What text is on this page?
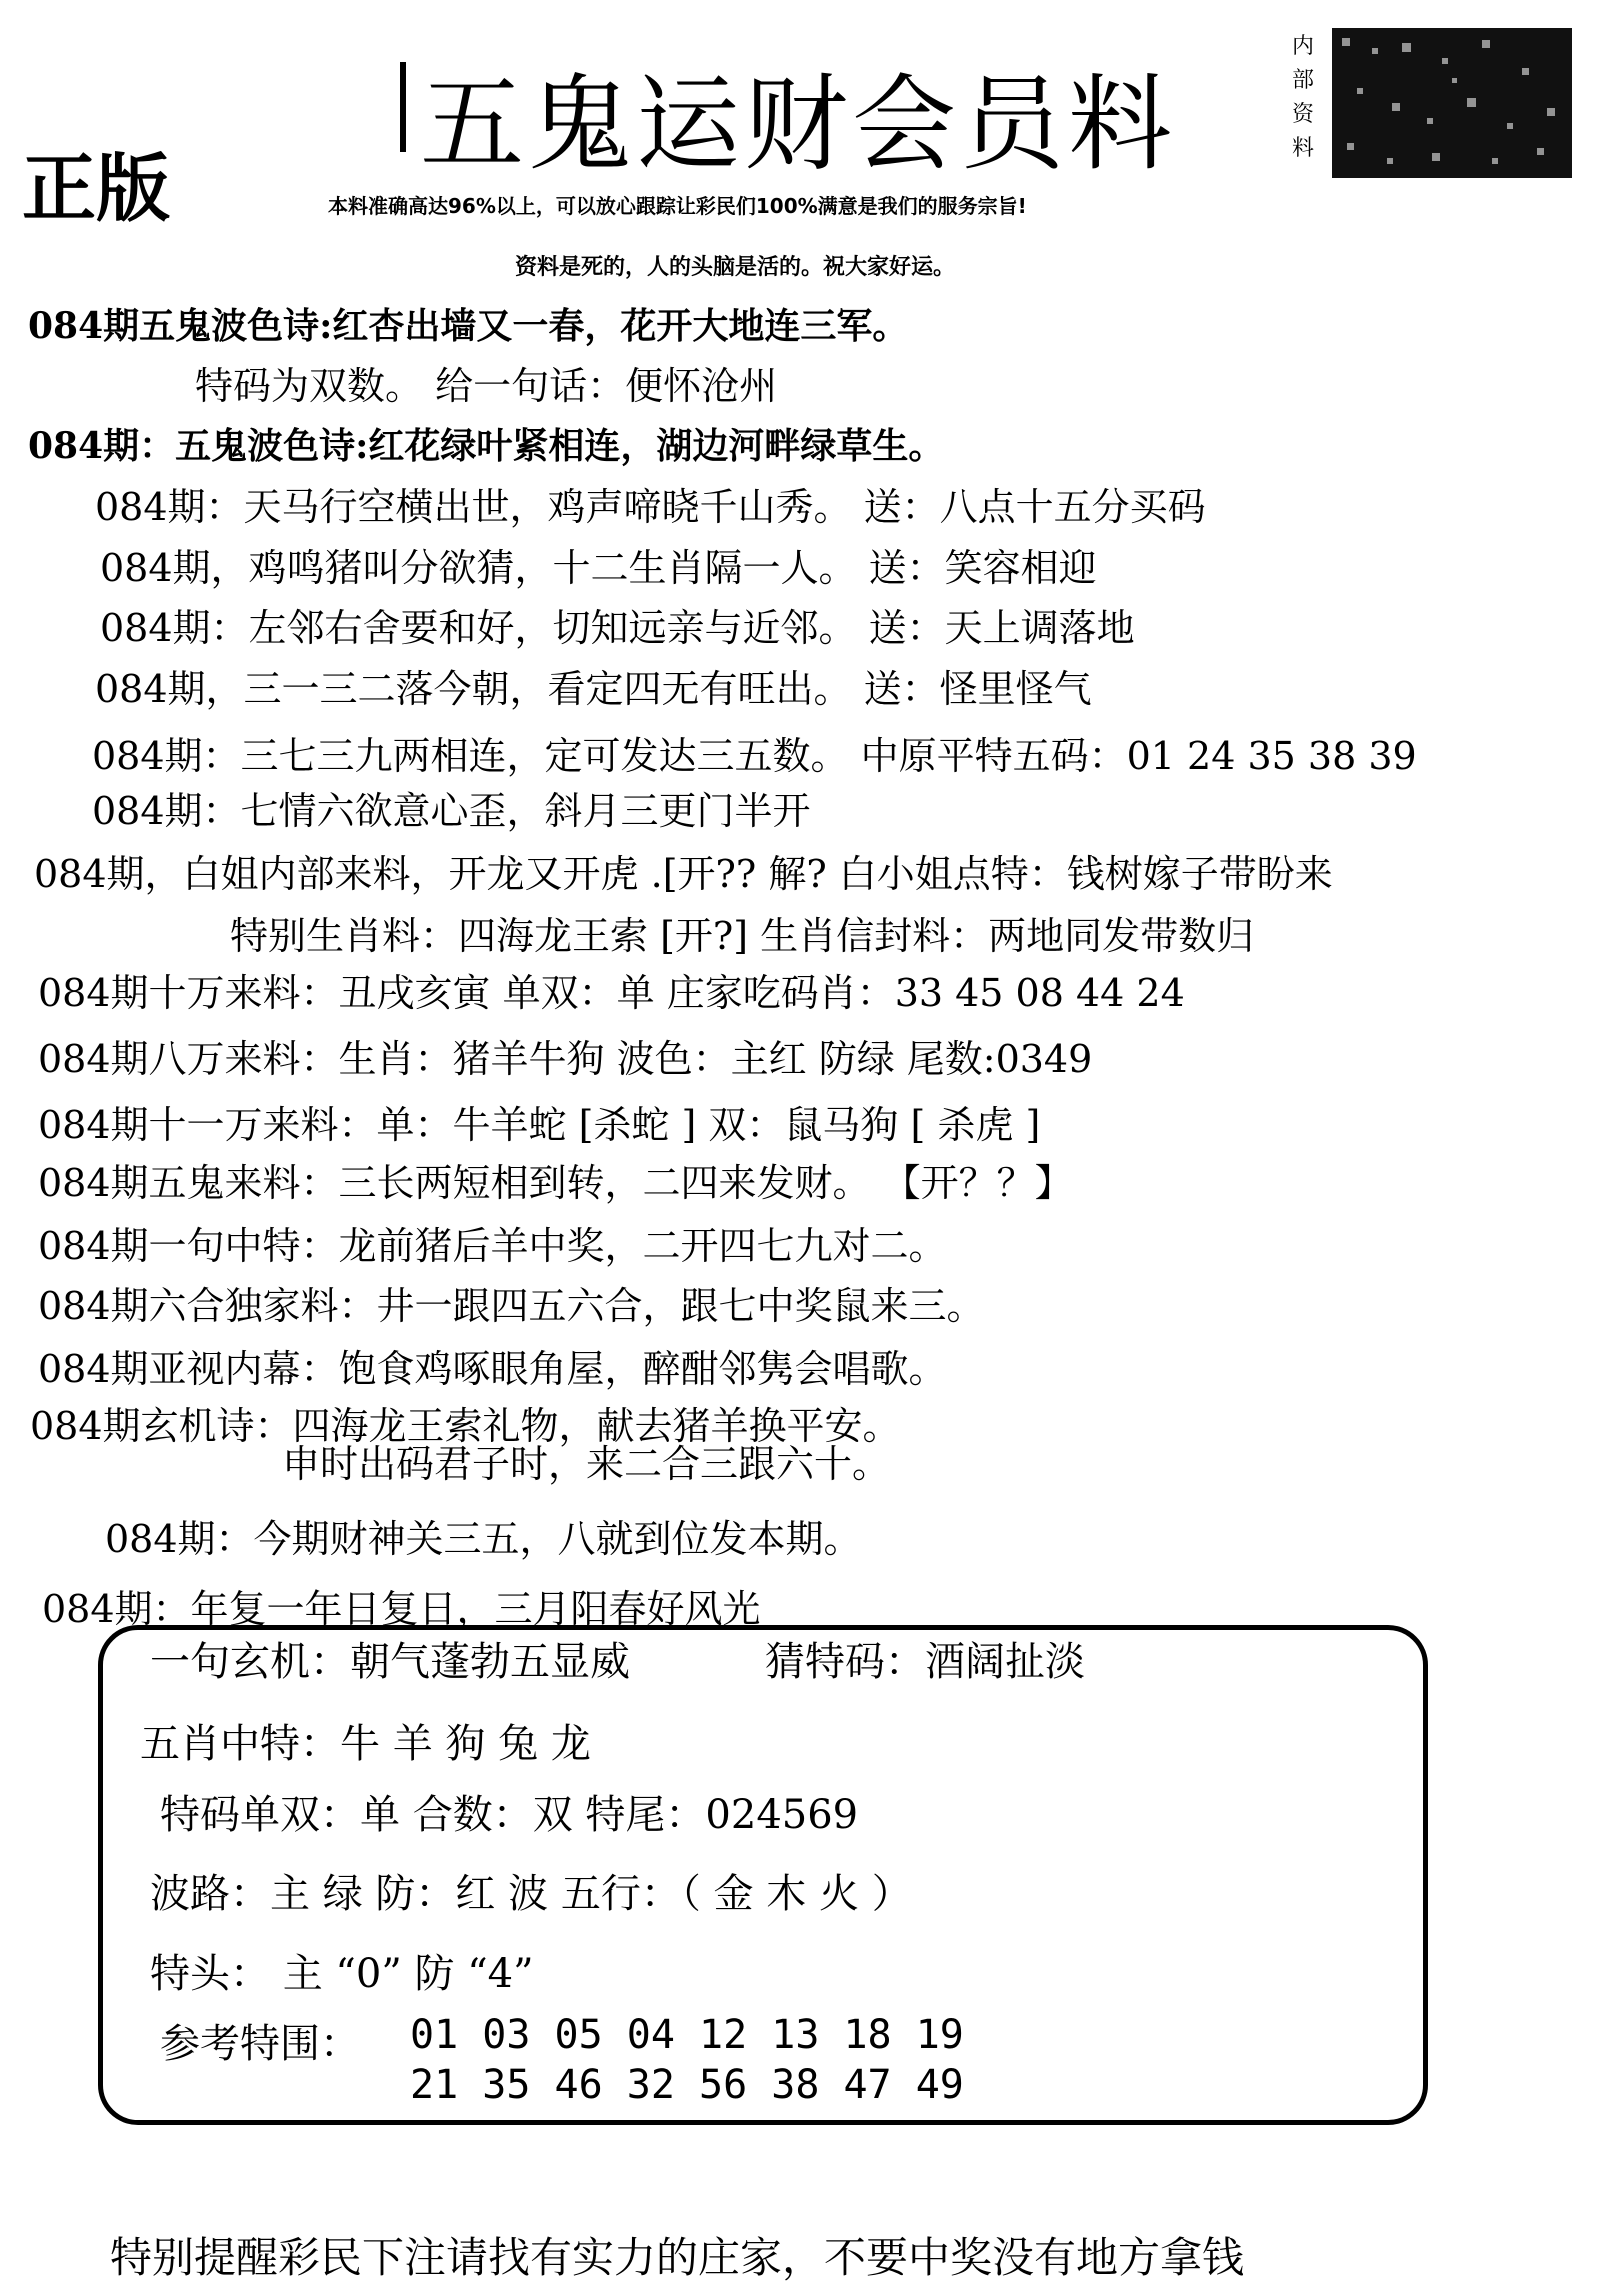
正版
五鬼运财会员料
内部资料
本料准确高达96%以上，可以放心跟踪让彩民们100%满意是我们的服务宗旨!
资料是死的，人的头脑是活的。祝大家好运。
084期五鬼波色诗:红杏出墙又一春，花开大地连三军。
特码为双数。 给一句话：便怀沧州
084期：五鬼波色诗:红花绿叶紧相连，湖边河畔绿草生。
084期：天马行空横出世，鸡声啼晓千山秀。 送：八点十五分买码
084期，鸡鸣猪叫分欲猜，十二生肖隔一人。 送：笑容相迎
084期：左邻右舍要和好，切知远亲与近邻。 送：天上调落地
084期，三一三二落今朝，看定四无有旺出。 送：怪里怪气
084期：三七三九两相连，定可发达三五数。 中原平特五码：01 24 35 38 39
084期：七情六欲意心歪，斜月三更门半开
084期，白姐内部来料，开龙又开虎 .[开?? 解? 白小姐点特：钱树嫁子带盼来
特别生肖料：四海龙王索 [开?] 生肖信封料：两地同发带数归
084期十万来料：丑戌亥寅 单双：单 庄家吃码肖：33 45 08 44 24
084期八万来料：生肖：猪羊牛狗 波色：主红 防绿 尾数:0349
084期十一万来料：单：牛羊蛇 [杀蛇 ] 双：鼠马狗 [ 杀虎 ]
084期五鬼来料：三长两短相到转，二四来发财。 【开？？】
084期一句中特：龙前猪后羊中奖，二开四七九对二。
084期六合独家料：井一跟四五六合，跟七中奖鼠来三。
084期亚视内幕：饱食鸡啄眼角屋，醉酣邻隽会唱歌。
084期玄机诗：四海龙王索礼物，献去猪羊换平安。
申时出码君子时，来二合三跟六十。
084期：今期财神关三五，八就到位发本期。
084期：年复一年日复日，三月阳春好风光
一句玄机：朝气蓬勃五显威	猜特码：酒阔扯淡
五肖中特：牛 羊 狗 兔 龙
特码单双：单 合数：双 特尾：024569
波路：主 绿 防：红 波 五行：（ 金 木 火 ）
特头： 主 “0” 防 “4”
参考特围： 01 03 05 04 12 13 18 19
21 35 46 32 56 38 47 49
特别提醒彩民下注请找有实力的庄家，不要中奖没有地方拿钱
